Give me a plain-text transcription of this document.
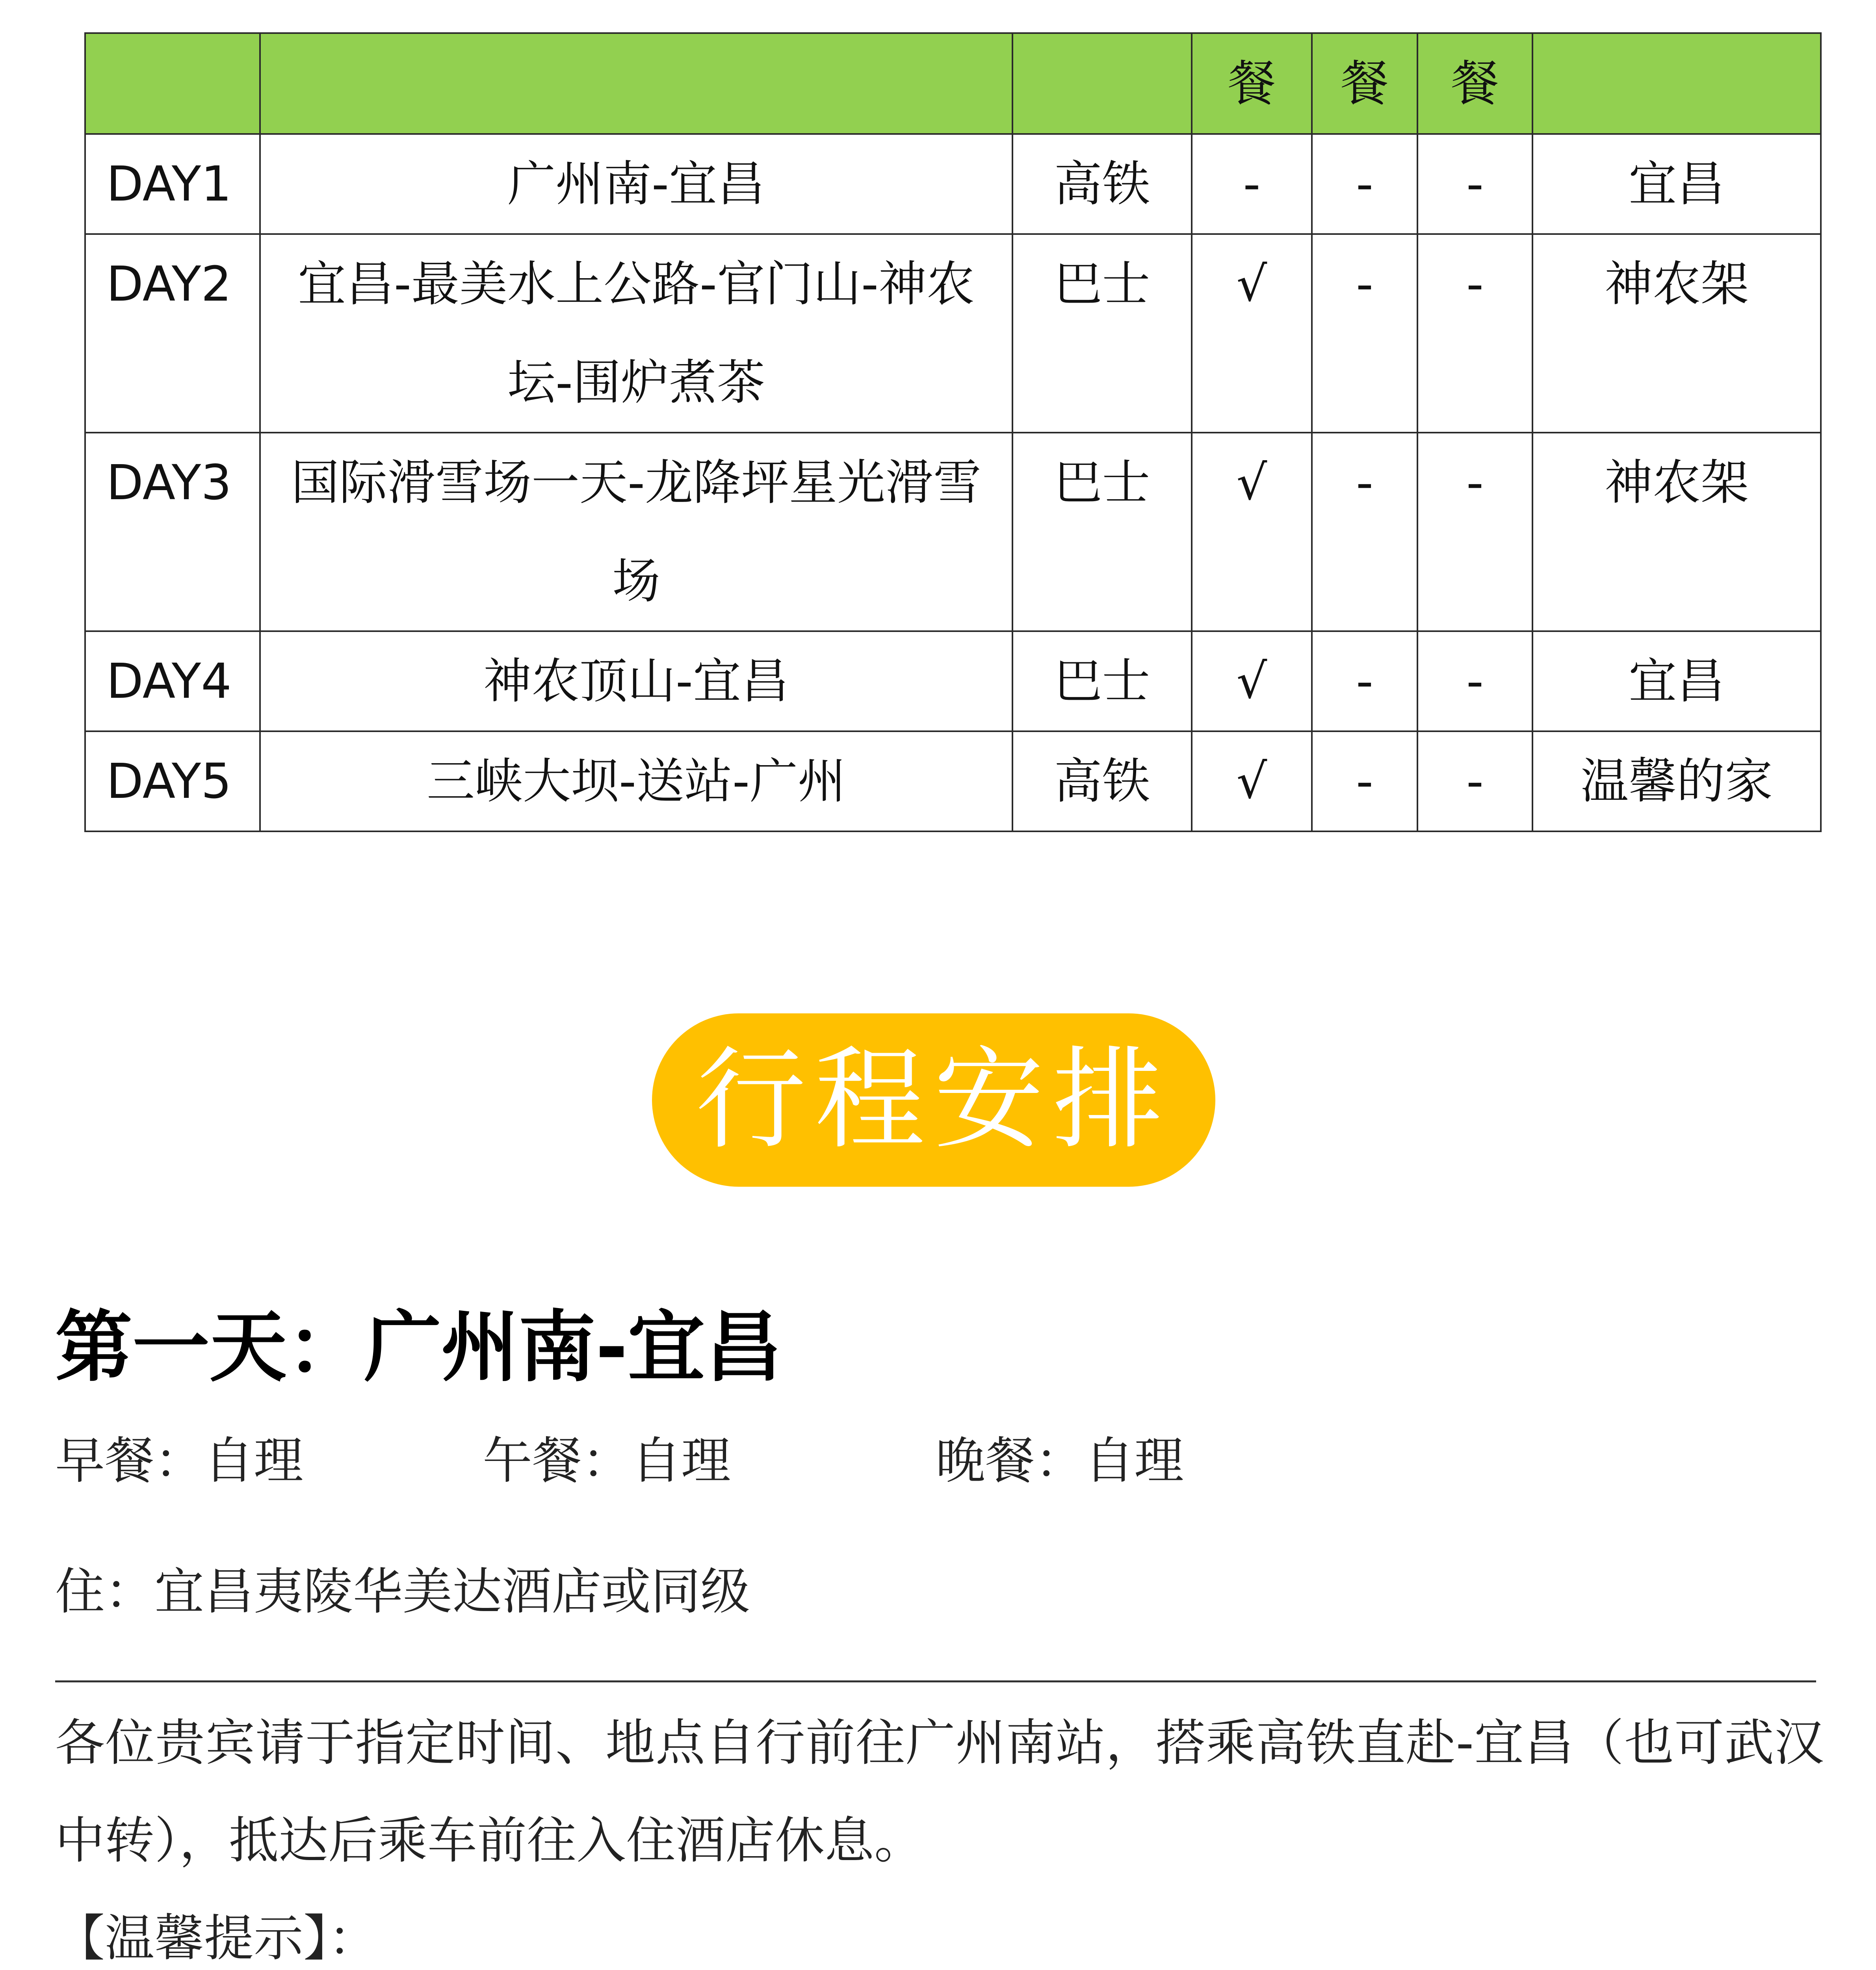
			餐	餐	餐	
DAY1	广州南-宜昌	高铁	-	-	-	宜昌
DAY2	宜昌-最美水上公路-官门山-神农坛-围炉煮茶	巴士	√	-	-	神农架
DAY3	国际滑雪场一天-龙降坪星光滑雪场	巴士	√	-	-	神农架
DAY4	神农顶山-宜昌	巴士	√	-	-	宜昌
DAY5	三峡大坝-送站-广州	高铁	√	-	-	温馨的家
行程安排
第一天：广州南-宜昌
早餐：自理	午餐：自理	晚餐：自理
住：宜昌夷陵华美达酒店或同级

各位贵宾请于指定时间、地点自行前往广州南站，搭乘高铁直赴-宜昌（也可武汉中转），抵达后乘车前往入住酒店休息。

【温馨提示】：
